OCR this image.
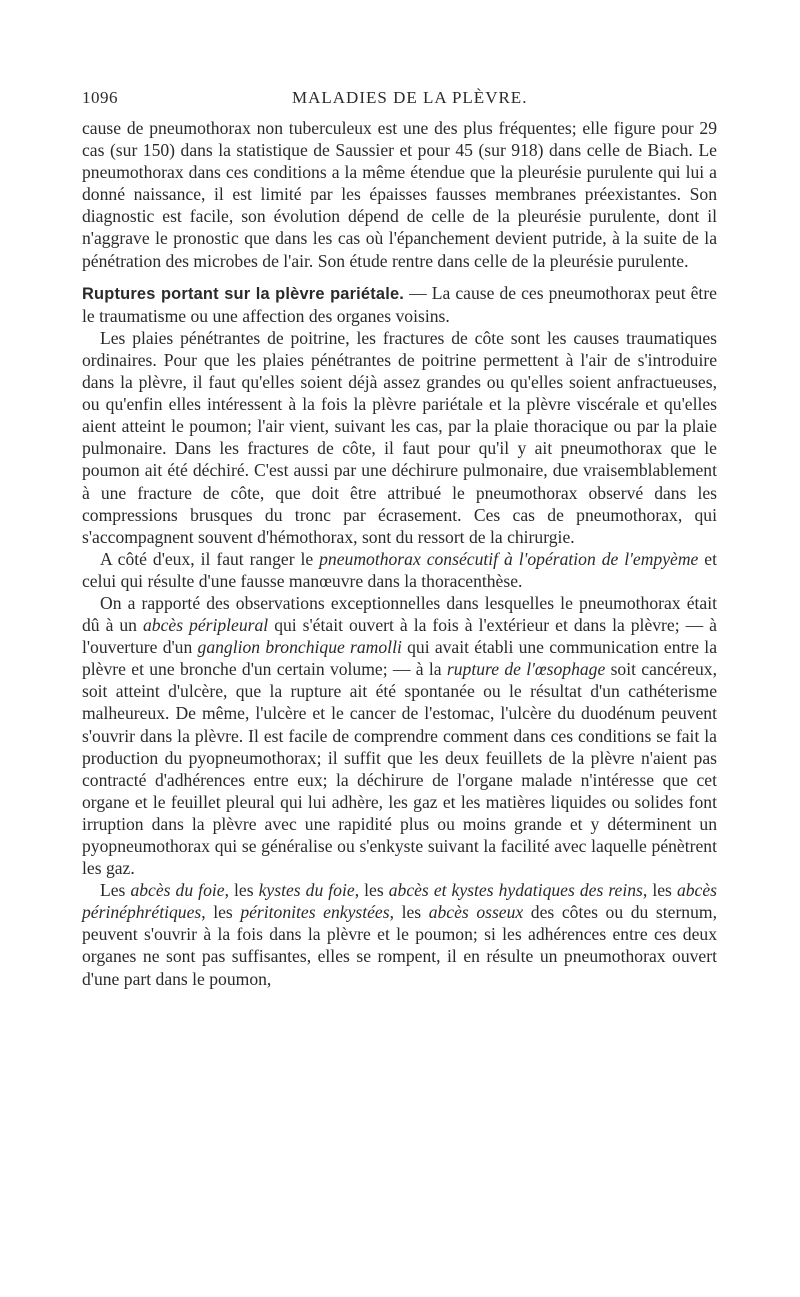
1096	MALADIES DE LA PLÈVRE.

cause de pneumothorax non tuberculeux est une des plus fréquentes; elle figure pour 29 cas (sur 150) dans la statistique de Saussier et pour 45 (sur 918) dans celle de Biach. Le pneumothorax dans ces conditions a la même étendue que la pleurésie purulente qui lui a donné naissance, il est limité par les épaisses fausses membranes préexistantes. Son diagnostic est facile, son évolution dépend de celle de la pleurésie purulente, dont il n'aggrave le pronostic que dans les cas où l'épanchement devient putride, à la suite de la pénétration des microbes de l'air. Son étude rentre dans celle de la pleurésie purulente.

Ruptures portant sur la plèvre pariétale. — La cause de ces pneumothorax peut être le traumatisme ou une affection des organes voisins.

Les plaies pénétrantes de poitrine, les fractures de côte sont les causes traumatiques ordinaires. Pour que les plaies pénétrantes de poitrine permettent à l'air de s'introduire dans la plèvre, il faut qu'elles soient déjà assez grandes ou qu'elles soient anfractueuses, ou qu'enfin elles intéressent à la fois la plèvre pariétale et la plèvre viscérale et qu'elles aient atteint le poumon; l'air vient, suivant les cas, par la plaie thoracique ou par la plaie pulmonaire. Dans les fractures de côte, il faut pour qu'il y ait pneumothorax que le poumon ait été déchiré. C'est aussi par une déchirure pulmonaire, due vraisemblablement à une fracture de côte, que doit être attribué le pneumothorax observé dans les compressions brusques du tronc par écrasement. Ces cas de pneumothorax, qui s'accompagnent souvent d'hémothorax, sont du ressort de la chirurgie.

A côté d'eux, il faut ranger le pneumothorax consécutif à l'opération de l'empyème et celui qui résulte d'une fausse manœuvre dans la thoracenthèse.

On a rapporté des observations exceptionnelles dans lesquelles le pneumothorax était dû à un abcès péripleural qui s'était ouvert à la fois à l'extérieur et dans la plèvre; — à l'ouverture d'un ganglion bronchique ramolli qui avait établi une communication entre la plèvre et une bronche d'un certain volume; — à la rupture de l'œsophage soit cancéreux, soit atteint d'ulcère, que la rupture ait été spontanée ou le résultat d'un cathéterisme malheureux. De même, l'ulcère et le cancer de l'estomac, l'ulcère du duodénum peuvent s'ouvrir dans la plèvre. Il est facile de comprendre comment dans ces conditions se fait la production du pyopneumothorax; il suffit que les deux feuillets de la plèvre n'aient pas contracté d'adhérences entre eux; la déchirure de l'organe malade n'intéresse que cet organe et le feuillet pleural qui lui adhère, les gaz et les matières liquides ou solides font irruption dans la plèvre avec une rapidité plus ou moins grande et y déterminent un pyopneumothorax qui se généralise ou s'enkyste suivant la facilité avec laquelle pénètrent les gaz.

Les abcès du foie, les kystes du foie, les abcès et kystes hydatiques des reins, les abcès périnéphrétiques, les péritonites enkystées, les abcès osseux des côtes ou du sternum, peuvent s'ouvrir à la fois dans la plèvre et le poumon; si les adhérences entre ces deux organes ne sont pas suffisantes, elles se rompent, il en résulte un pneumothorax ouvert d'une part dans le poumon,
